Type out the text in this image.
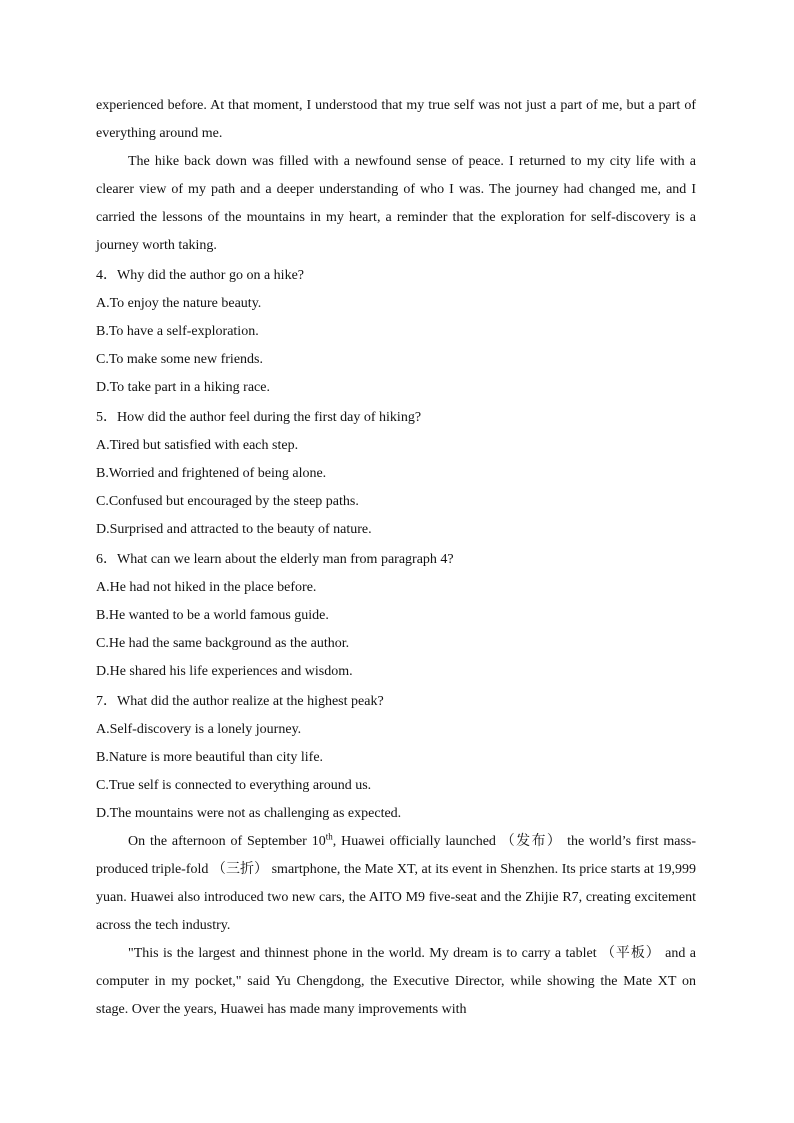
experienced before. At that moment, I understood that my true self was not just a part of me, but a part of everything around me.

The hike back down was filled with a newfound sense of peace. I returned to my city life with a clearer view of my path and a deeper understanding of who I was. The journey had changed me, and I carried the lessons of the mountains in my heart, a reminder that the exploration for self-discovery is a journey worth taking.

4．Why did the author go on a hike?

A.To enjoy the nature beauty.

B.To have a self-exploration.

C.To make some new friends.

D.To take part in a hiking race.

5．How did the author feel during the first day of hiking?

A.Tired but satisfied with each step.

B.Worried and frightened of being alone.

C.Confused but encouraged by the steep paths.

D.Surprised and attracted to the beauty of nature.

6．What can we learn about the elderly man from paragraph 4?

A.He had not hiked in the place before.

B.He wanted to be a world famous guide.

C.He had the same background as the author.

D.He shared his life experiences and wisdom.

7．What did the author realize at the highest peak?

A.Self-discovery is a lonely journey.

B.Nature is more beautiful than city life.

C.True self is connected to everything around us.

D.The mountains were not as challenging as expected.

On the afternoon of September 10th, Huawei officially launched （发布） the world’s first mass-produced triple-fold （三折） smartphone, the Mate XT, at its event in Shenzhen. Its price starts at 19,999 yuan. Huawei also introduced two new cars, the AITO M9 five-seat and the Zhijie R7, creating excitement across the tech industry.

"This is the largest and thinnest phone in the world. My dream is to carry a tablet （平板） and a computer in my pocket," said Yu Chengdong, the Executive Director, while showing the Mate XT on stage. Over the years, Huawei has made many improvements with
